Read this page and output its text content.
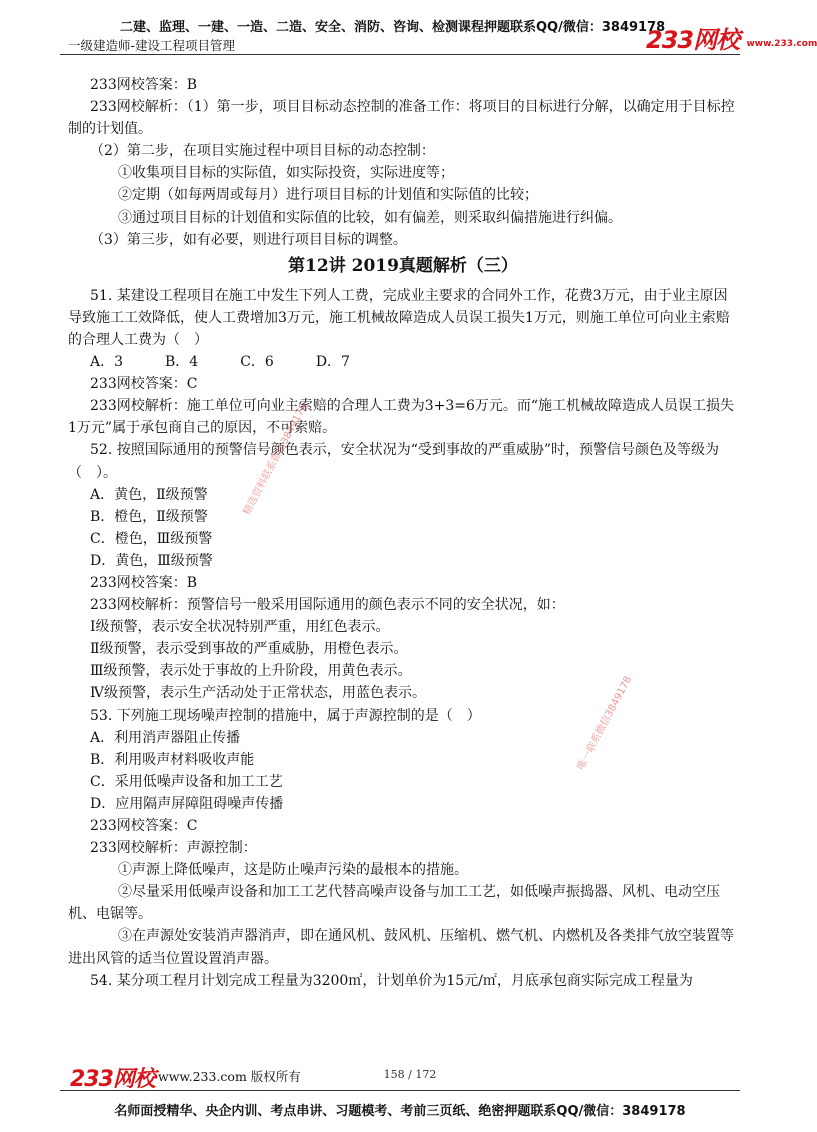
二建、监理、一建、一造、二造、安全、消防、咨询、检测课程押题联系QQ/微信：3849178
一级建造师-建设工程项目管理	233网校 www.233.com

233网校答案：B

233网校解析：（1）第一步，项目目标动态控制的准备工作：将项目的目标进行分解，以确定用于目标控制的计划值。

（2）第二步，在项目实施过程中项目目标的动态控制：

①收集项目目标的实际值，如实际投资，实际进度等；

②定期（如每两周或每月）进行项目目标的计划值和实际值的比较；

③通过项目目标的计划值和实际值的比较，如有偏差，则采取纠偏措施进行纠偏。

（3）第三步，如有必要，则进行项目目标的调整。

第12讲 2019真题解析（三）

51. 某建设工程项目在施工中发生下列人工费，完成业主要求的合同外工作，花费3万元，由于业主原因导致施工工效降低，使人工费增加3万元，施工机械故障造成人员误工损失1万元，则施工单位可向业主索赔的合理人工费为（　）

A．3　　　B．4　　　C．6　　　D．7

233网校答案：C

233网校解析：施工单位可向业主索赔的合理人工费为3+3=6万元。而“施工机械故障造成人员误工损失1万元”属于承包商自己的原因，不可索赔。

52. 按照国际通用的预警信号颜色表示，安全状况为“受到事故的严重威胁”时，预警信号颜色及等级为（　）。

A．黄色，Ⅱ级预警

B．橙色，Ⅱ级预警

C．橙色，Ⅲ级预警

D．黄色，Ⅲ级预警

233网校答案：B

233网校解析：预警信号一般采用国际通用的颜色表示不同的安全状况，如：

Ⅰ级预警，表示安全状况特别严重，用红色表示。

Ⅱ级预警，表示受到事故的严重威胁，用橙色表示。

Ⅲ级预警，表示处于事故的上升阶段，用黄色表示。

Ⅳ级预警，表示生产活动处于正常状态，用蓝色表示。

53. 下列施工现场噪声控制的措施中，属于声源控制的是（　）

A．利用消声器阻止传播

B．利用吸声材料吸收声能

C．采用低噪声设备和加工工艺

D．应用隔声屏障阻碍噪声传播

233网校答案：C

233网校解析：声源控制：

①声源上降低噪声，这是防止噪声污染的最根本的措施。

②尽量采用低噪声设备和加工工艺代替高噪声设备与加工工艺，如低噪声振捣器、风机、电动空压机、电锯等。

③在声源处安装消声器消声，即在通风机、鼓风机、压缩机、燃气机、内燃机及各类排气放空装置等进出风管的适当位置设置消声器。

54. 某分项工程月计划完成工程量为3200㎡，计划单价为15元/㎡，月底承包商实际完成工程量为

精选资料联系微信3849178
唯一联系微信3849178
233网校 www.233.com 版权所有	158 / 172
名师面授精华、央企内训、考点串讲、习题模考、考前三页纸、绝密押题联系QQ/微信：3849178
